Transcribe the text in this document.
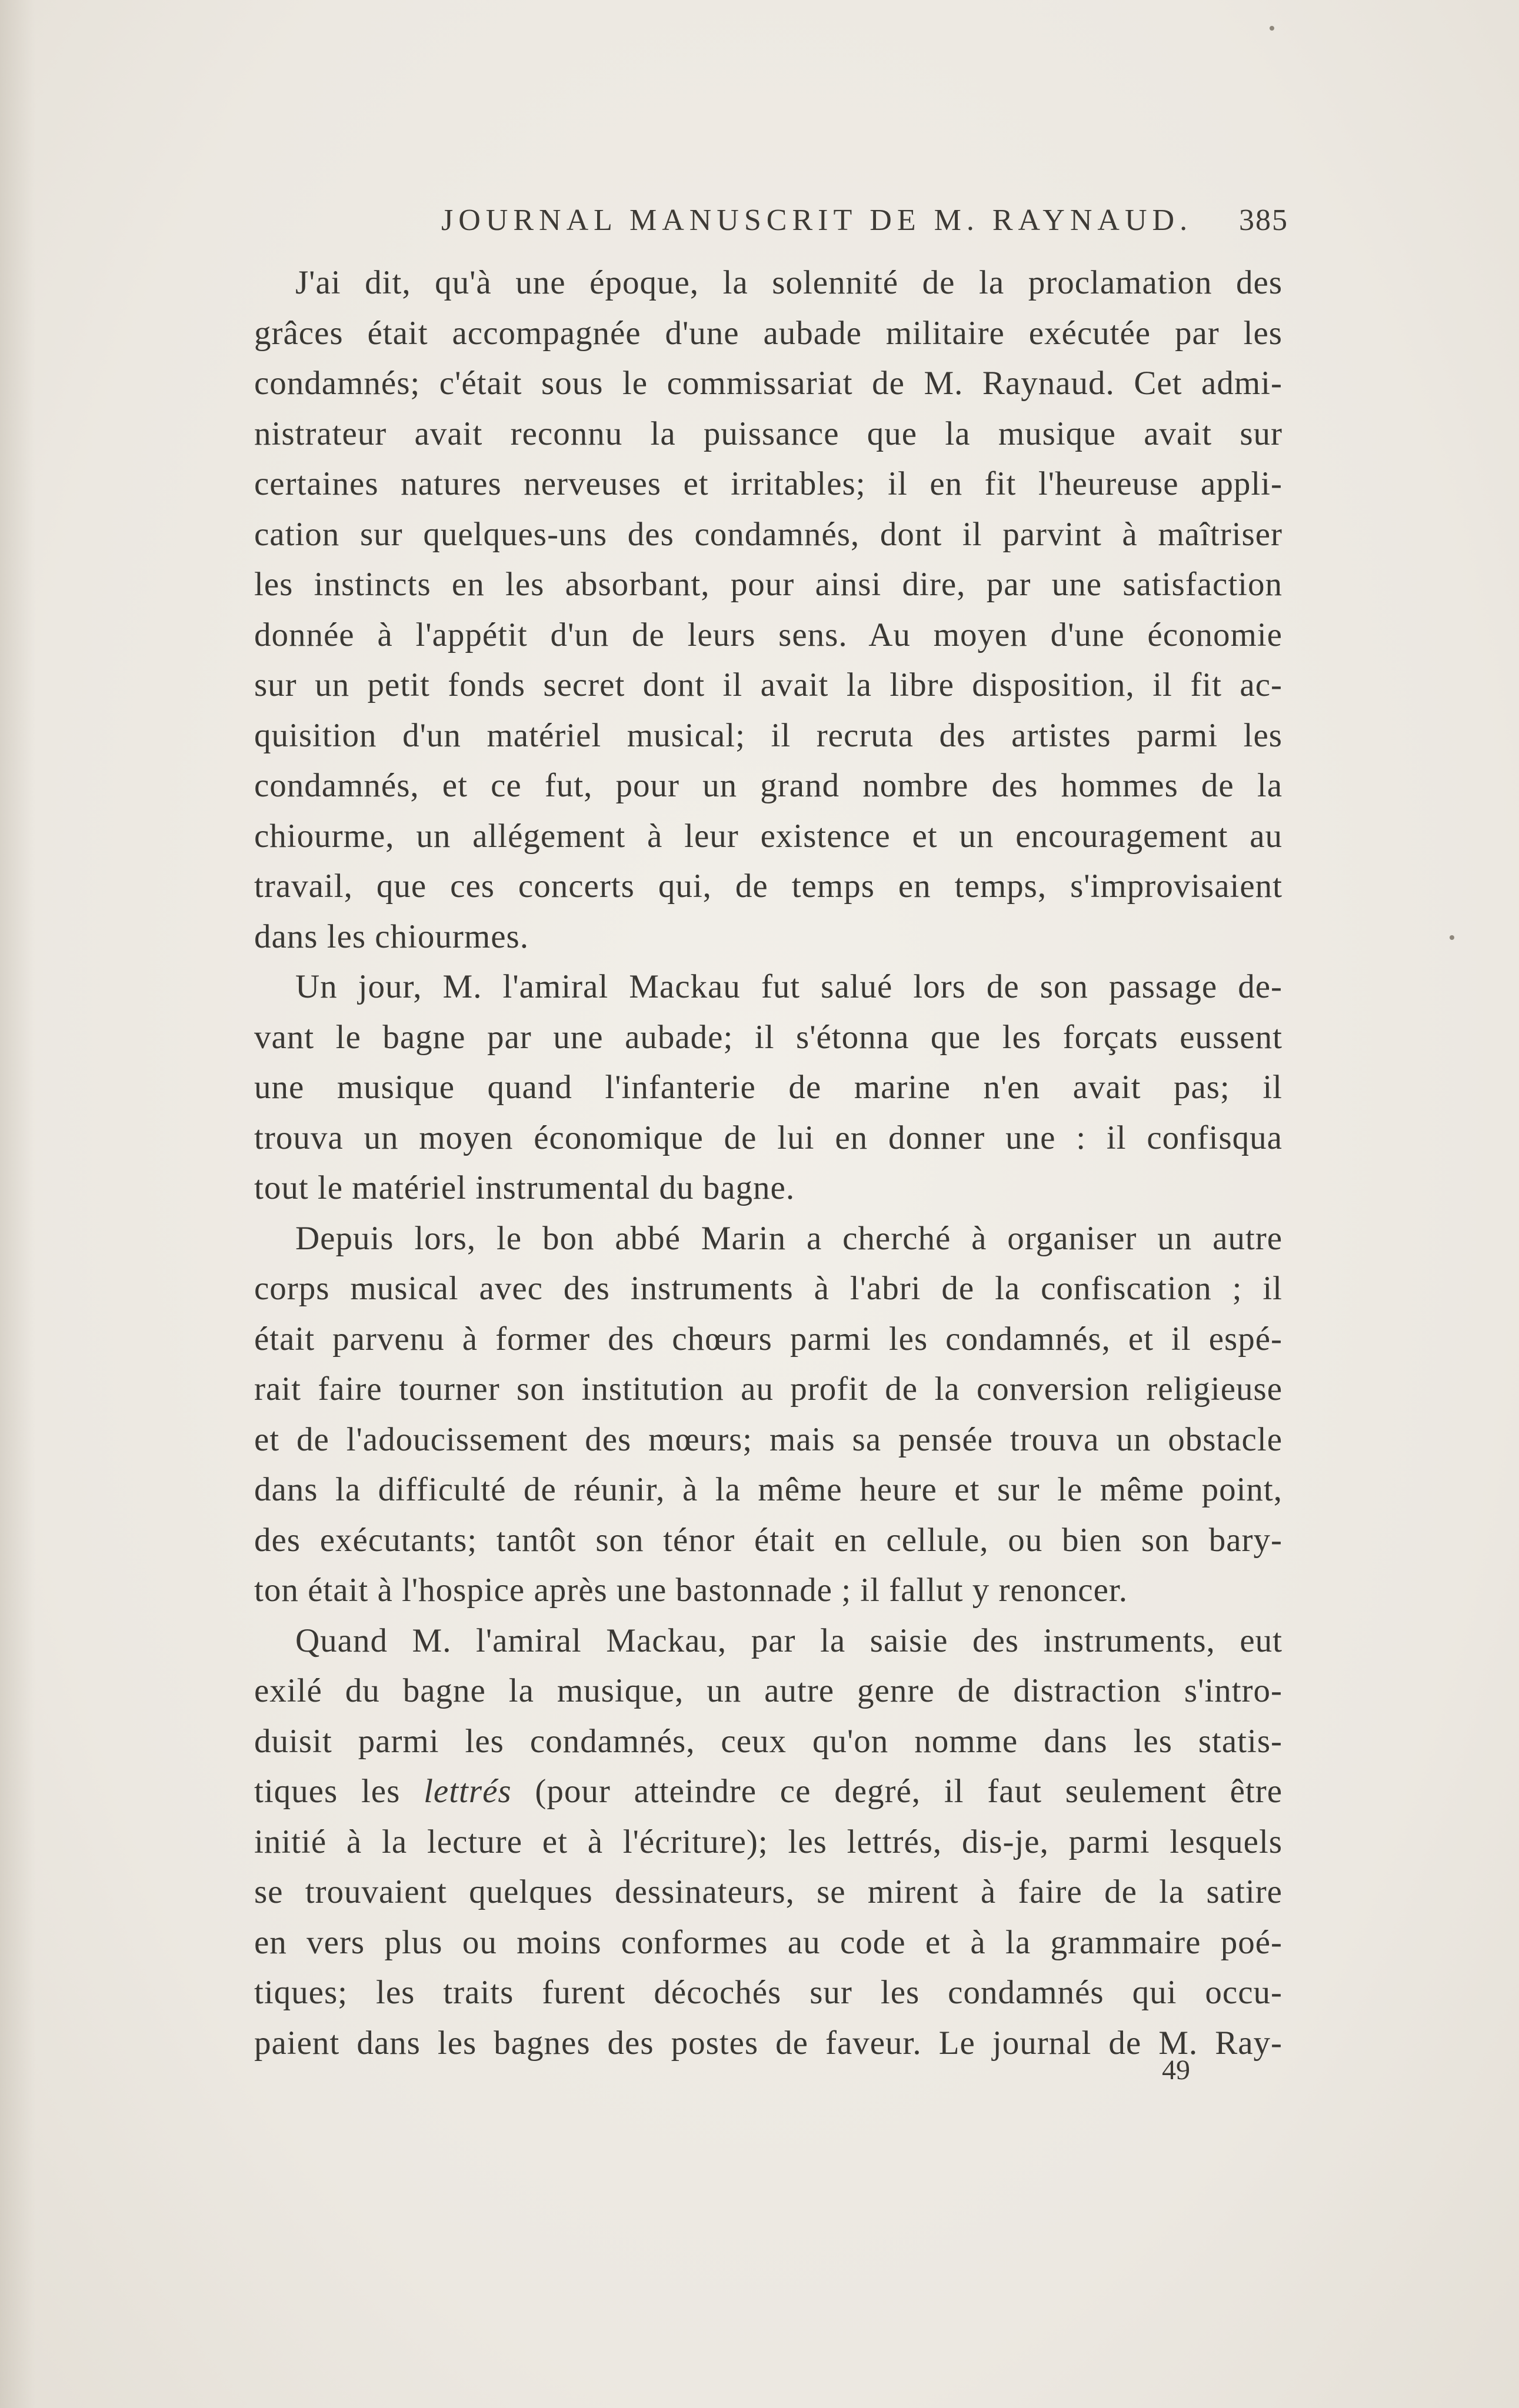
JOURNAL MANUSCRIT DE M. RAYNAUD. 385
J'ai dit, qu'à une époque, la solennité de la proclamation des
grâces était accompagnée d'une aubade militaire exécutée par les
condamnés; c'était sous le commissariat de M. Raynaud. Cet admi-
nistrateur avait reconnu la puissance que la musique avait sur
certaines natures nerveuses et irritables; il en fit l'heureuse appli-
cation sur quelques-uns des condamnés, dont il parvint à maîtriser
les instincts en les absorbant, pour ainsi dire, par une satisfaction
donnée à l'appétit d'un de leurs sens. Au moyen d'une économie
sur un petit fonds secret dont il avait la libre disposition, il fit ac-
quisition d'un matériel musical; il recruta des artistes parmi les
condamnés, et ce fut, pour un grand nombre des hommes de la
chiourme, un allégement à leur existence et un encouragement au
travail, que ces concerts qui, de temps en temps, s'improvisaient
dans les chiourmes.
Un jour, M. l'amiral Mackau fut salué lors de son passage de-
vant le bagne par une aubade; il s'étonna que les forçats eussent
une musique quand l'infanterie de marine n'en avait pas; il
trouva un moyen économique de lui en donner une : il confisqua
tout le matériel instrumental du bagne.
Depuis lors, le bon abbé Marin a cherché à organiser un autre
corps musical avec des instruments à l'abri de la confiscation ; il
était parvenu à former des chœurs parmi les condamnés, et il espé-
rait faire tourner son institution au profit de la conversion religieuse
et de l'adoucissement des mœurs; mais sa pensée trouva un obstacle
dans la difficulté de réunir, à la même heure et sur le même point,
des exécutants; tantôt son ténor était en cellule, ou bien son bary-
ton était à l'hospice après une bastonnade ; il fallut y renoncer.
Quand M. l'amiral Mackau, par la saisie des instruments, eut
exilé du bagne la musique, un autre genre de distraction s'intro-
duisit parmi les condamnés, ceux qu'on nomme dans les statis-
tiques les lettrés (pour atteindre ce degré, il faut seulement être
initié à la lecture et à l'écriture); les lettrés, dis-je, parmi lesquels
se trouvaient quelques dessinateurs, se mirent à faire de la satire
en vers plus ou moins conformes au code et à la grammaire poé-
tiques; les traits furent décochés sur les condamnés qui occu-
paient dans les bagnes des postes de faveur. Le journal de M. Ray-
49
